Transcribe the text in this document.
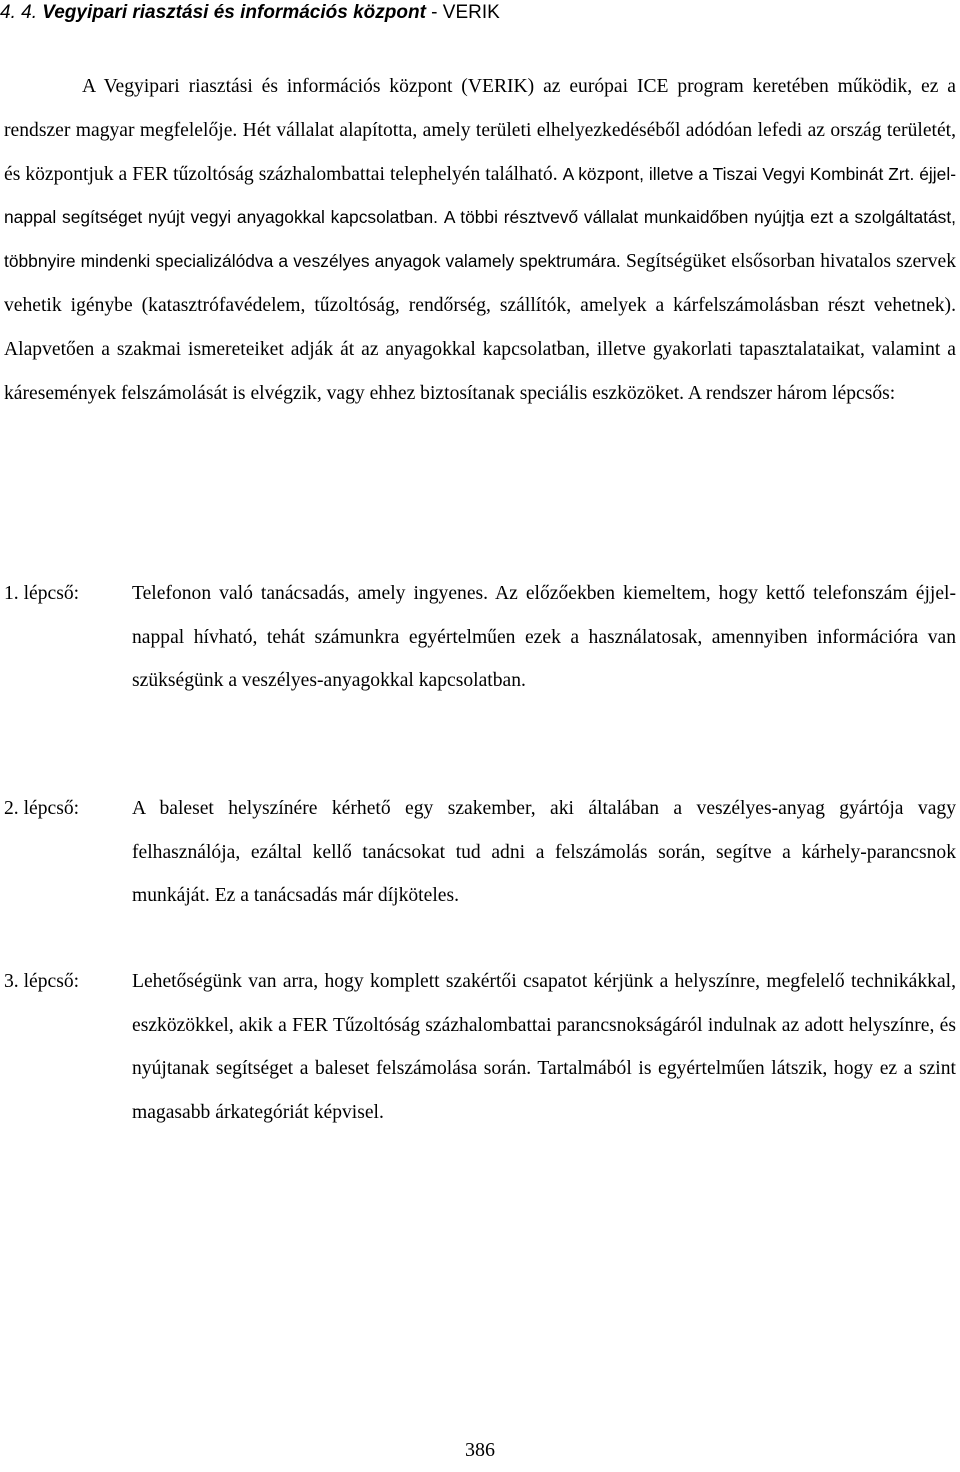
4. 4. Vegyipari riasztási és információs központ - VERIK

A Vegyipari riasztási és információs központ (VERIK) az európai ICE program keretében működik, ez a rendszer magyar megfelelője. Hét vállalat alapította, amely területi elhelyezkedéséből adódóan lefedi az ország területét, és központjuk a FER tűzoltóság százhalombattai telephelyén található. A központ, illetve a Tiszai Vegyi Kombinát Zrt. éjjel-nappal segítséget nyújt vegyi anyagokkal kapcsolatban. A többi résztvevő vállalat munkaidőben nyújtja ezt a szolgáltatást, többnyire mindenki specializálódva a veszélyes anyagok valamely spektrumára. Segítségüket elsősorban hivatalos szervek vehetik igénybe (katasztrófavédelem, tűzoltóság, rendőrség, szállítók, amelyek a kárfelszámolásban részt vehetnek). Alapvetően a szakmai ismereteiket adják át az anyagokkal kapcsolatban, illetve gyakorlati tapasztalataikat, valamint a káresemények felszámolását is elvégzik, vagy ehhez biztosítanak speciális eszközöket. A rendszer három lépcsős:

1. lépcső:	Telefonon való tanácsadás, amely ingyenes. Az előzőekben kiemeltem, hogy kettő telefonszám éjjel-nappal hívható, tehát számunkra egyértelműen ezek a használatosak, amennyiben információra van szükségünk a veszélyes-anyagokkal kapcsolatban.

2. lépcső:	A baleset helyszínére kérhető egy szakember, aki általában a veszélyes-anyag gyártója vagy felhasználója, ezáltal kellő tanácsokat tud adni a felszámolás során, segítve a kárhely-parancsnok munkáját. Ez a tanácsadás már díjköteles.

3. lépcső:	Lehetőségünk van arra, hogy komplett szakértői csapatot kérjünk a helyszínre, megfelelő technikákkal, eszközökkel, akik a FER Tűzoltóság százhalombattai parancsnokságáról indulnak az adott helyszínre, és nyújtanak segítséget a baleset felszámolása során. Tartalmából is egyértelműen látszik, hogy ez a szint magasabb árkategóriát képvisel.

386
